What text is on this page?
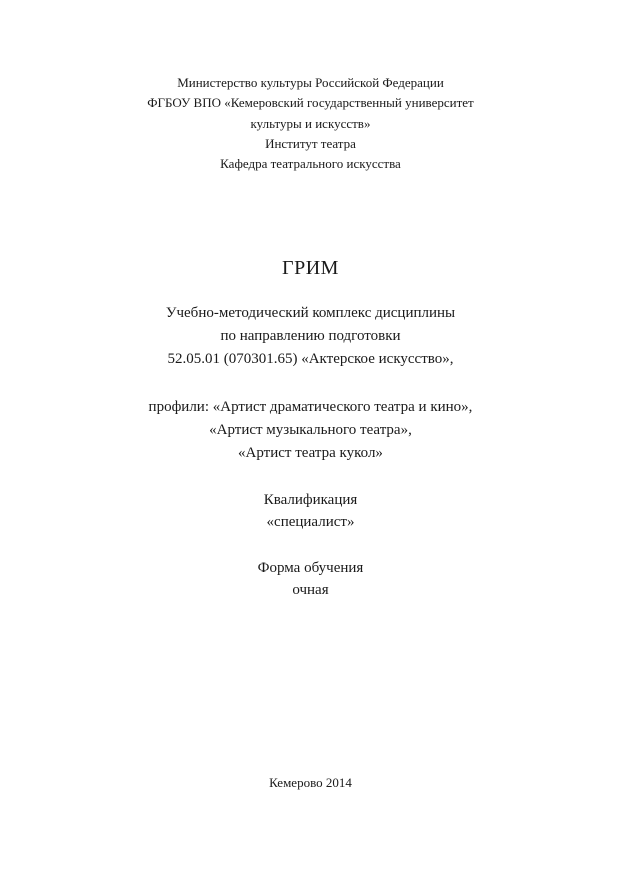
Министерство культуры Российской Федерации
ФГБОУ ВПО «Кемеровский государственный университет
культуры и искусств»
Институт театра
Кафедра театрального искусства
ГРИМ
Учебно-методический комплекс дисциплины
по направлению подготовки
52.05.01 (070301.65) «Актерское искусство»,
профили: «Артист драматического театра и кино»,
«Артист музыкального театра»,
«Артист театра кукол»
Квалификация
«специалист»
Форма обучения
очная
Кемерово 2014
